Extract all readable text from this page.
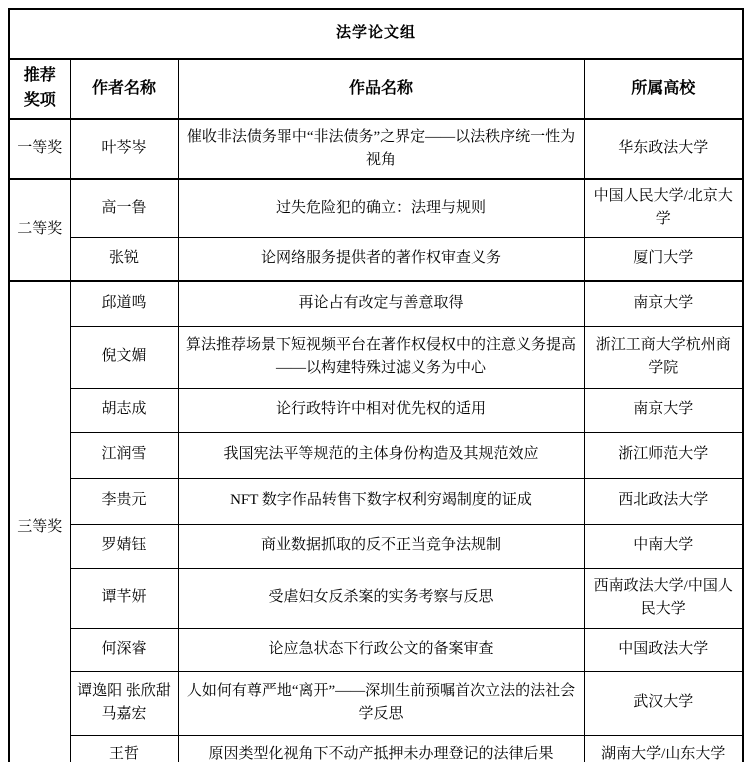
法学论文组			
推荐奖项	作者名称	作品名称	所属高校
一等奖	叶芩岑	催收非法债务罪中“非法债务”之界定——以法秩序统一性为视角	华东政法大学
二等奖	高一鲁	过失危险犯的确立：法理与规则	中国人民大学/北京大学
	张锐	论网络服务提供者的著作权审查义务	厦门大学
三等奖	邱道鸣	再论占有改定与善意取得	南京大学
	倪文媚	算法推荐场景下短视频平台在著作权侵权中的注意义务提高——以构建特殊过滤义务为中心	浙江工商大学杭州商学院
	胡志成	论行政特许中相对优先权的适用	南京大学
	江润雪	我国宪法平等规范的主体身份构造及其规范效应	浙江师范大学
	李贵元	NFT 数字作品转售下数字权利穷竭制度的证成	西北政法大学
	罗婧钰	商业数据抓取的反不正当竞争法规制	中南大学
	谭芊妍	受虐妇女反杀案的实务考察与反思	西南政法大学/中国人民大学
	何深睿	论应急状态下行政公文的备案审查	中国政法大学
	谭逸阳 张欣甜 马嘉宏	人如何有尊严地“离开”——深圳生前预嘱首次立法的法社会学反思	武汉大学
	王哲	原因类型化视角下不动产抵押未办理登记的法律后果	湖南大学/山东大学
